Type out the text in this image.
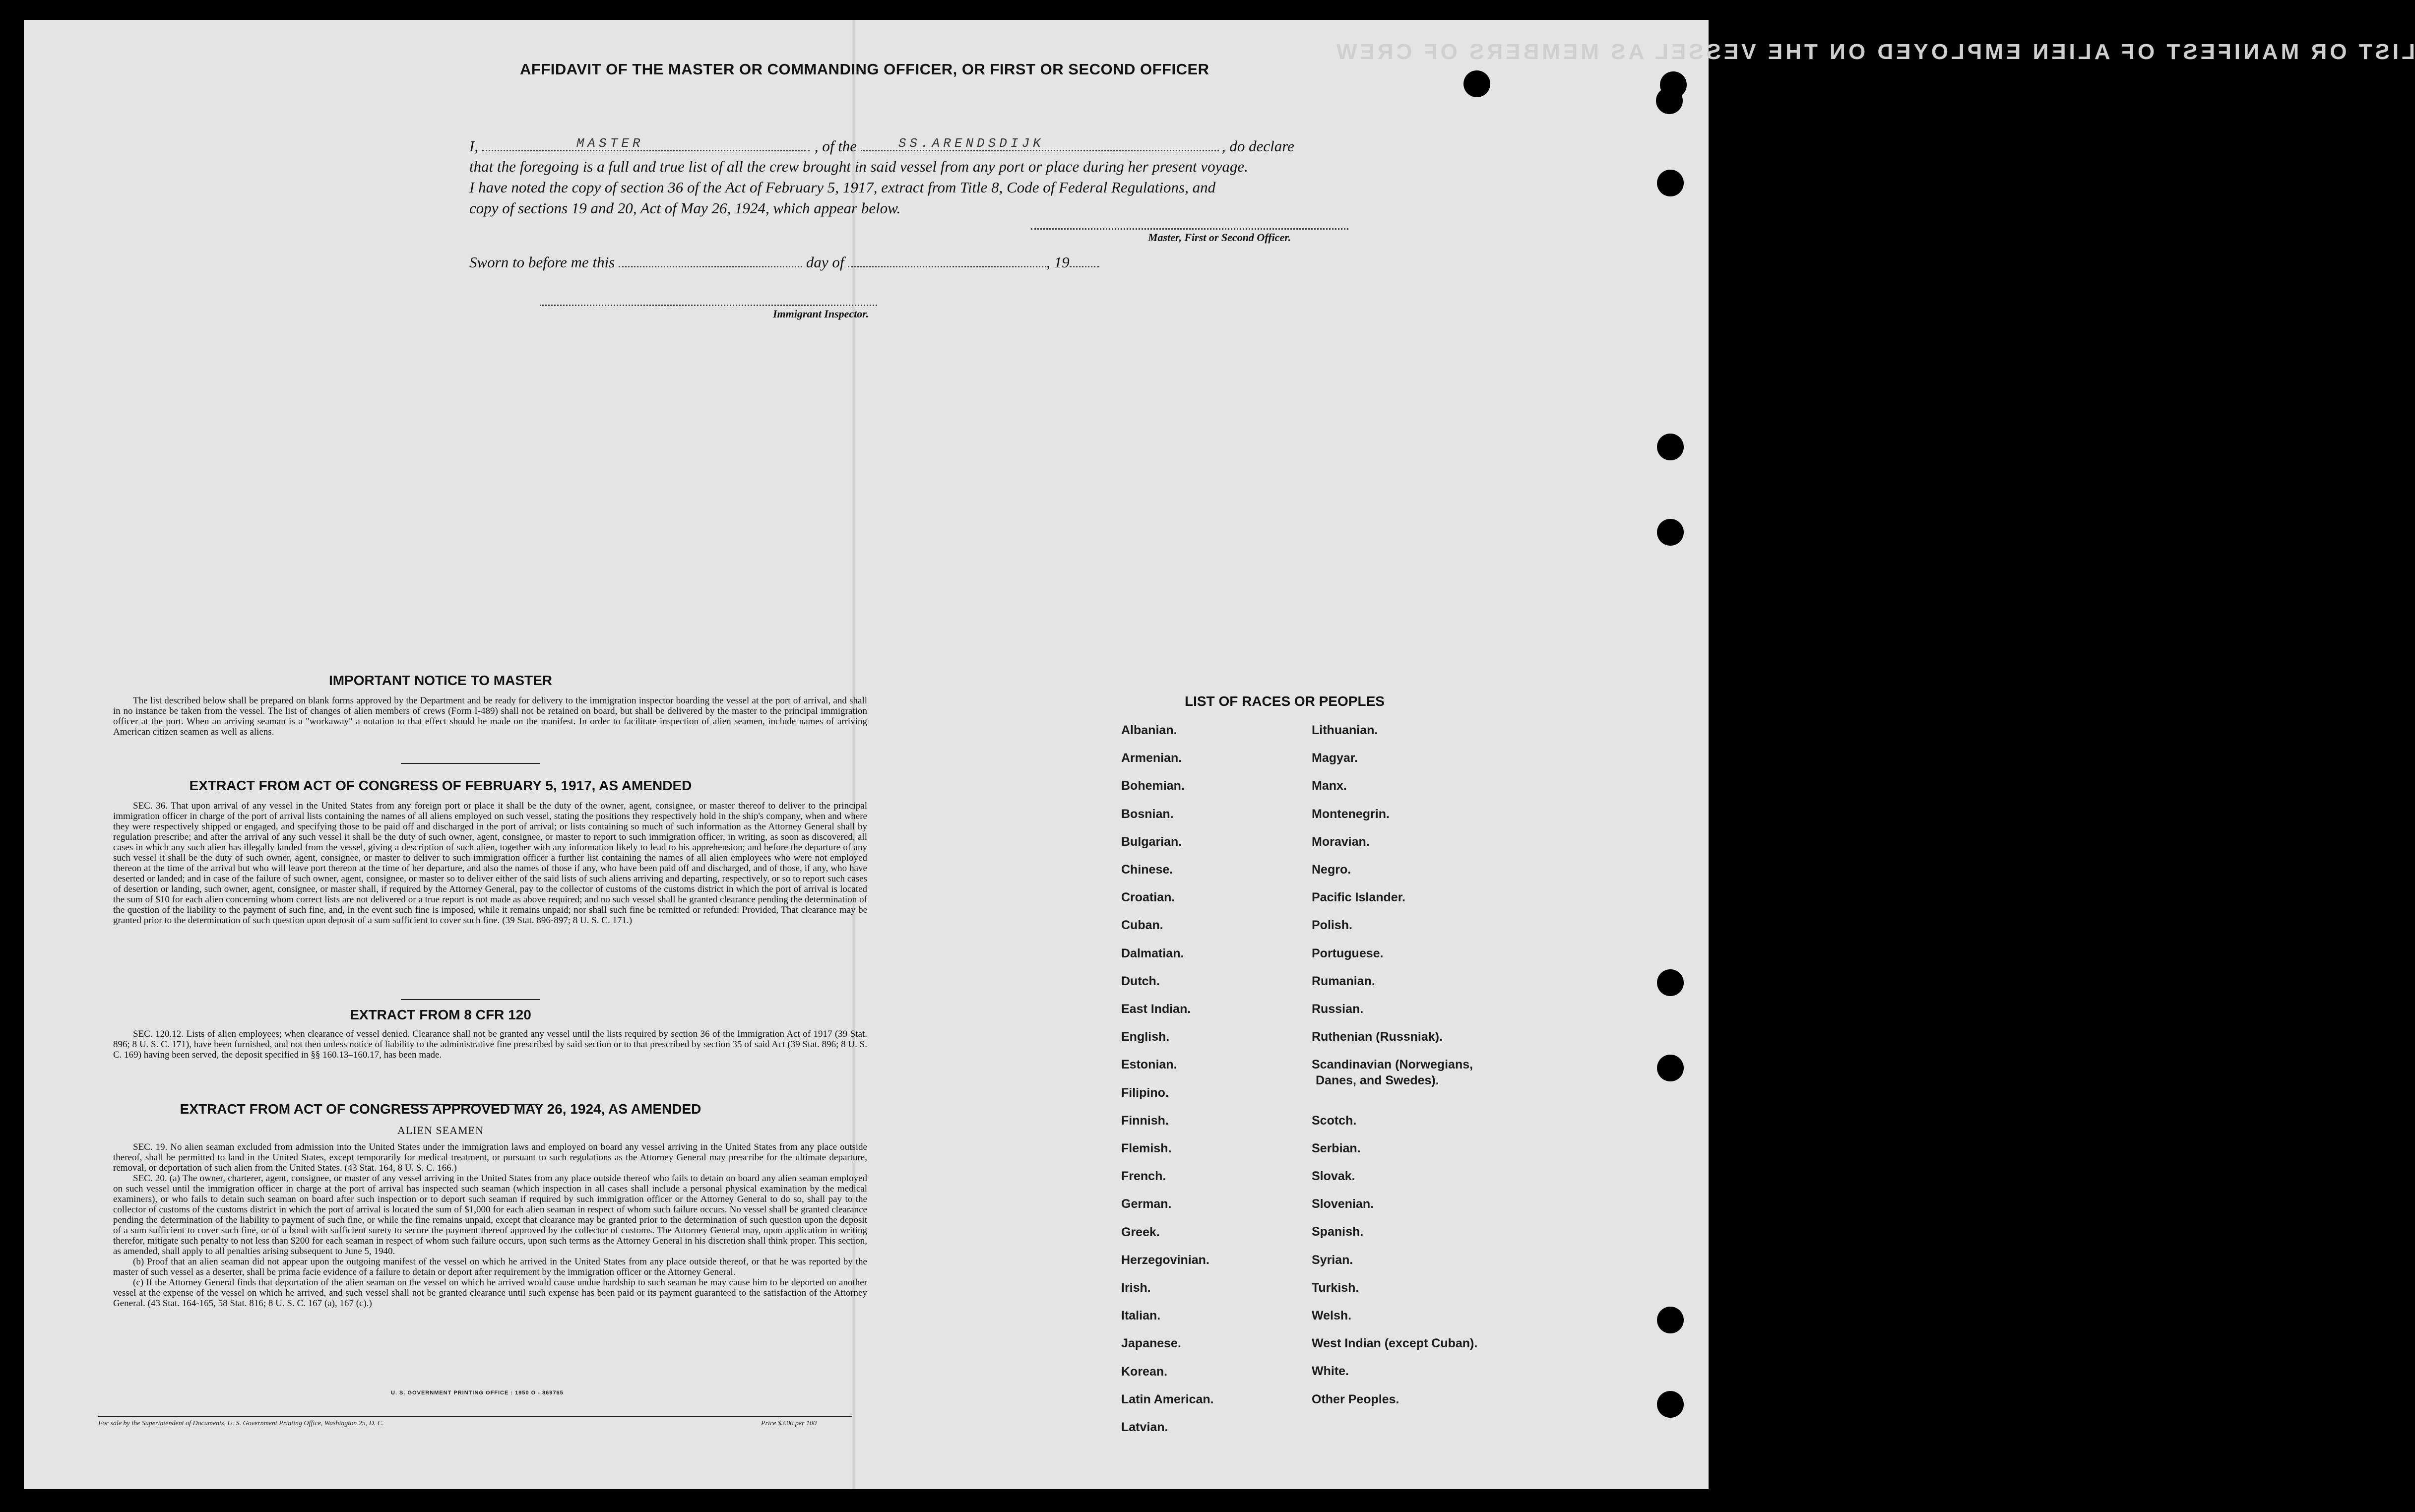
LIST OR MANIFEST OF ALIEN EMPLOYED ON THE VESSEL AS MEMBERS OF CREW
AFFIDAVIT OF THE MASTER OR COMMANDING OFFICER, OR FIRST OR SECOND OFFICER
I,	MASTER	, of the	SS.ARENDSDIJK	, do declare
that the foregoing is a full and true list of all the crew brought in said vessel from any port or place during her present voyage.
I have noted the copy of section 36 of the Act of February 5, 1917, extract from Title 8, Code of Federal Regulations, and
copy of sections 19 and 20, Act of May 26, 1924, which appear below.
Master, First or Second Officer.
Sworn to before me this	day of	, 19
Immigrant Inspector.
IMPORTANT NOTICE TO MASTER

The list described below shall be prepared on blank forms approved by the Department and be ready for delivery to the immigration inspector boarding the vessel at the port of arrival, and shall in no instance be taken from the vessel. The list of changes of alien members of crews (Form I-489) shall not be retained on board, but shall be delivered by the master to the principal immigration officer at the port. When an arriving seaman is a "workaway" a notation to that effect should be made on the manifest. In order to facilitate inspection of alien seamen, include names of arriving American citizen seamen as well as aliens.

EXTRACT FROM ACT OF CONGRESS OF FEBRUARY 5, 1917, AS AMENDED

SEC. 36. That upon arrival of any vessel in the United States from any foreign port or place it shall be the duty of the owner, agent, consignee, or master thereof to deliver to the principal immigration officer in charge of the port of arrival lists containing the names of all aliens employed on such vessel, stating the positions they respectively hold in the ship's company, when and where they were respectively shipped or engaged, and specifying those to be paid off and discharged in the port of arrival; or lists containing so much of such information as the Attorney General shall by regulation prescribe; and after the arrival of any such vessel it shall be the duty of such owner, agent, consignee, or master to report to such immigration officer, in writing, as soon as discovered, all cases in which any such alien has illegally landed from the vessel, giving a description of such alien, together with any information likely to lead to his apprehension; and before the departure of any such vessel it shall be the duty of such owner, agent, consignee, or master to deliver to such immigration officer a further list containing the names of all alien employees who were not employed thereon at the time of the arrival but who will leave port thereon at the time of her departure, and also the names of those if any, who have been paid off and discharged, and of those, if any, who have deserted or landed; and in case of the failure of such owner, agent, consignee, or master so to deliver either of the said lists of such aliens arriving and departing, respectively, or so to report such cases of desertion or landing, such owner, agent, consignee, or master shall, if required by the Attorney General, pay to the collector of customs of the customs district in which the port of arrival is located the sum of $10 for each alien concerning whom correct lists are not delivered or a true report is not made as above required; and no such vessel shall be granted clearance pending the determination of the question of the liability to the payment of such fine, and, in the event such fine is imposed, while it remains unpaid; nor shall such fine be remitted or refunded: Provided, That clearance may be granted prior to the determination of such question upon deposit of a sum sufficient to cover such fine. (39 Stat. 896-897; 8 U. S. C. 171.)

EXTRACT FROM 8 CFR 120

SEC. 120.12. Lists of alien employees; when clearance of vessel denied. Clearance shall not be granted any vessel until the lists required by section 36 of the Immigration Act of 1917 (39 Stat. 896; 8 U. S. C. 171), have been furnished, and not then unless notice of liability to the administrative fine prescribed by said section or to that prescribed by section 35 of said Act (39 Stat. 896; 8 U. S. C. 169) having been served, the deposit specified in §§ 160.13–160.17, has been made.

EXTRACT FROM ACT OF CONGRESS APPROVED MAY 26, 1924, AS AMENDED
ALIEN SEAMEN

SEC. 19. No alien seaman excluded from admission into the United States under the immigration laws and employed on board any vessel arriving in the United States from any place outside thereof, shall be permitted to land in the United States, except temporarily for medical treatment, or pursuant to such regulations as the Attorney General may prescribe for the ultimate departure, removal, or deportation of such alien from the United States. (43 Stat. 164, 8 U. S. C. 166.)

SEC. 20. (a) The owner, charterer, agent, consignee, or master of any vessel arriving in the United States from any place outside thereof who fails to detain on board any alien seaman employed on such vessel until the immigration officer in charge at the port of arrival has inspected such seaman (which inspection in all cases shall include a personal physical examination by the medical examiners), or who fails to detain such seaman on board after such inspection or to deport such seaman if required by such immigration officer or the Attorney General to do so, shall pay to the collector of customs of the customs district in which the port of arrival is located the sum of $1,000 for each alien seaman in respect of whom such failure occurs. No vessel shall be granted clearance pending the determination of the liability to payment of such fine, or while the fine remains unpaid, except that clearance may be granted prior to the determination of such question upon the deposit of a sum sufficient to cover such fine, or of a bond with sufficient surety to secure the payment thereof approved by the collector of customs. The Attorney General may, upon application in writing therefor, mitigate such penalty to not less than $200 for each seaman in respect of whom such failure occurs, upon such terms as the Attorney General in his discretion shall think proper. This section, as amended, shall apply to all penalties arising subsequent to June 5, 1940.

(b) Proof that an alien seaman did not appear upon the outgoing manifest of the vessel on which he arrived in the United States from any place outside thereof, or that he was reported by the master of such vessel as a deserter, shall be prima facie evidence of a failure to detain or deport after requirement by the immigration officer or the Attorney General.

(c) If the Attorney General finds that deportation of the alien seaman on the vessel on which he arrived would cause undue hardship to such seaman he may cause him to be deported on another vessel at the expense of the vessel on which he arrived, and such vessel shall not be granted clearance until such expense has been paid or its payment guaranteed to the satisfaction of the Attorney General. (43 Stat. 164-165, 58 Stat. 816; 8 U. S. C. 167 (a), 167 (c).)

U. S. GOVERNMENT PRINTING OFFICE : 1950 O - 869765
For sale by the Superintendent of Documents, U. S. Government Printing Office, Washington 25, D. C.	Price $3.00 per 100
LIST OF RACES OR PEOPLES
Albanian.
Armenian.
Bohemian.
Bosnian.
Bulgarian.
Chinese.
Croatian.
Cuban.
Dalmatian.
Dutch.
East Indian.
English.
Estonian.
Filipino.
Finnish.
Flemish.
French.
German.
Greek.
Herzegovinian.
Irish.
Italian.
Japanese.
Korean.
Latin American.
Latvian.
Lithuanian.
Magyar.
Manx.
Montenegrin.
Moravian.
Negro.
Pacific Islander.
Polish.
Portuguese.
Rumanian.
Russian.
Ruthenian (Russniak).
Scandinavian (Norwegians,
Danes, and Swedes).
Scotch.
Serbian.
Slovak.
Slovenian.
Spanish.
Syrian.
Turkish.
Welsh.
West Indian (except Cuban).
White.
Other Peoples.
